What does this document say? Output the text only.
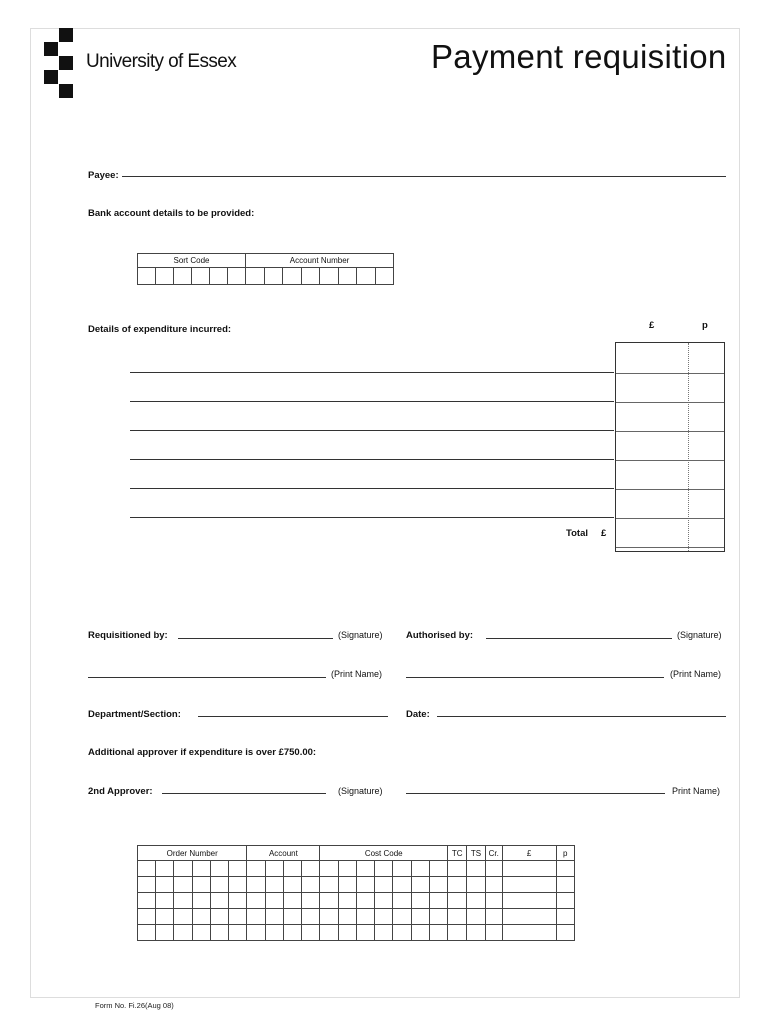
University of Essex	Payment requisition
Payee:
Bank account details to be provided:
Sort Code						Account Number							

Details of expenditure incurred:	£	p
Total £
Requisitioned by:	(Signature) Authorised by:	(Signature)
(Print Name)	(Print Name)
Department/Section:	Date:
Additional approver if expenditure is over £750.00:
2nd Approver:	(Signature)	Print Name)
Order Number						Account				Cost Code							TC	TS	Cr.	£	p

Form No. Fi.26(Aug 08)
